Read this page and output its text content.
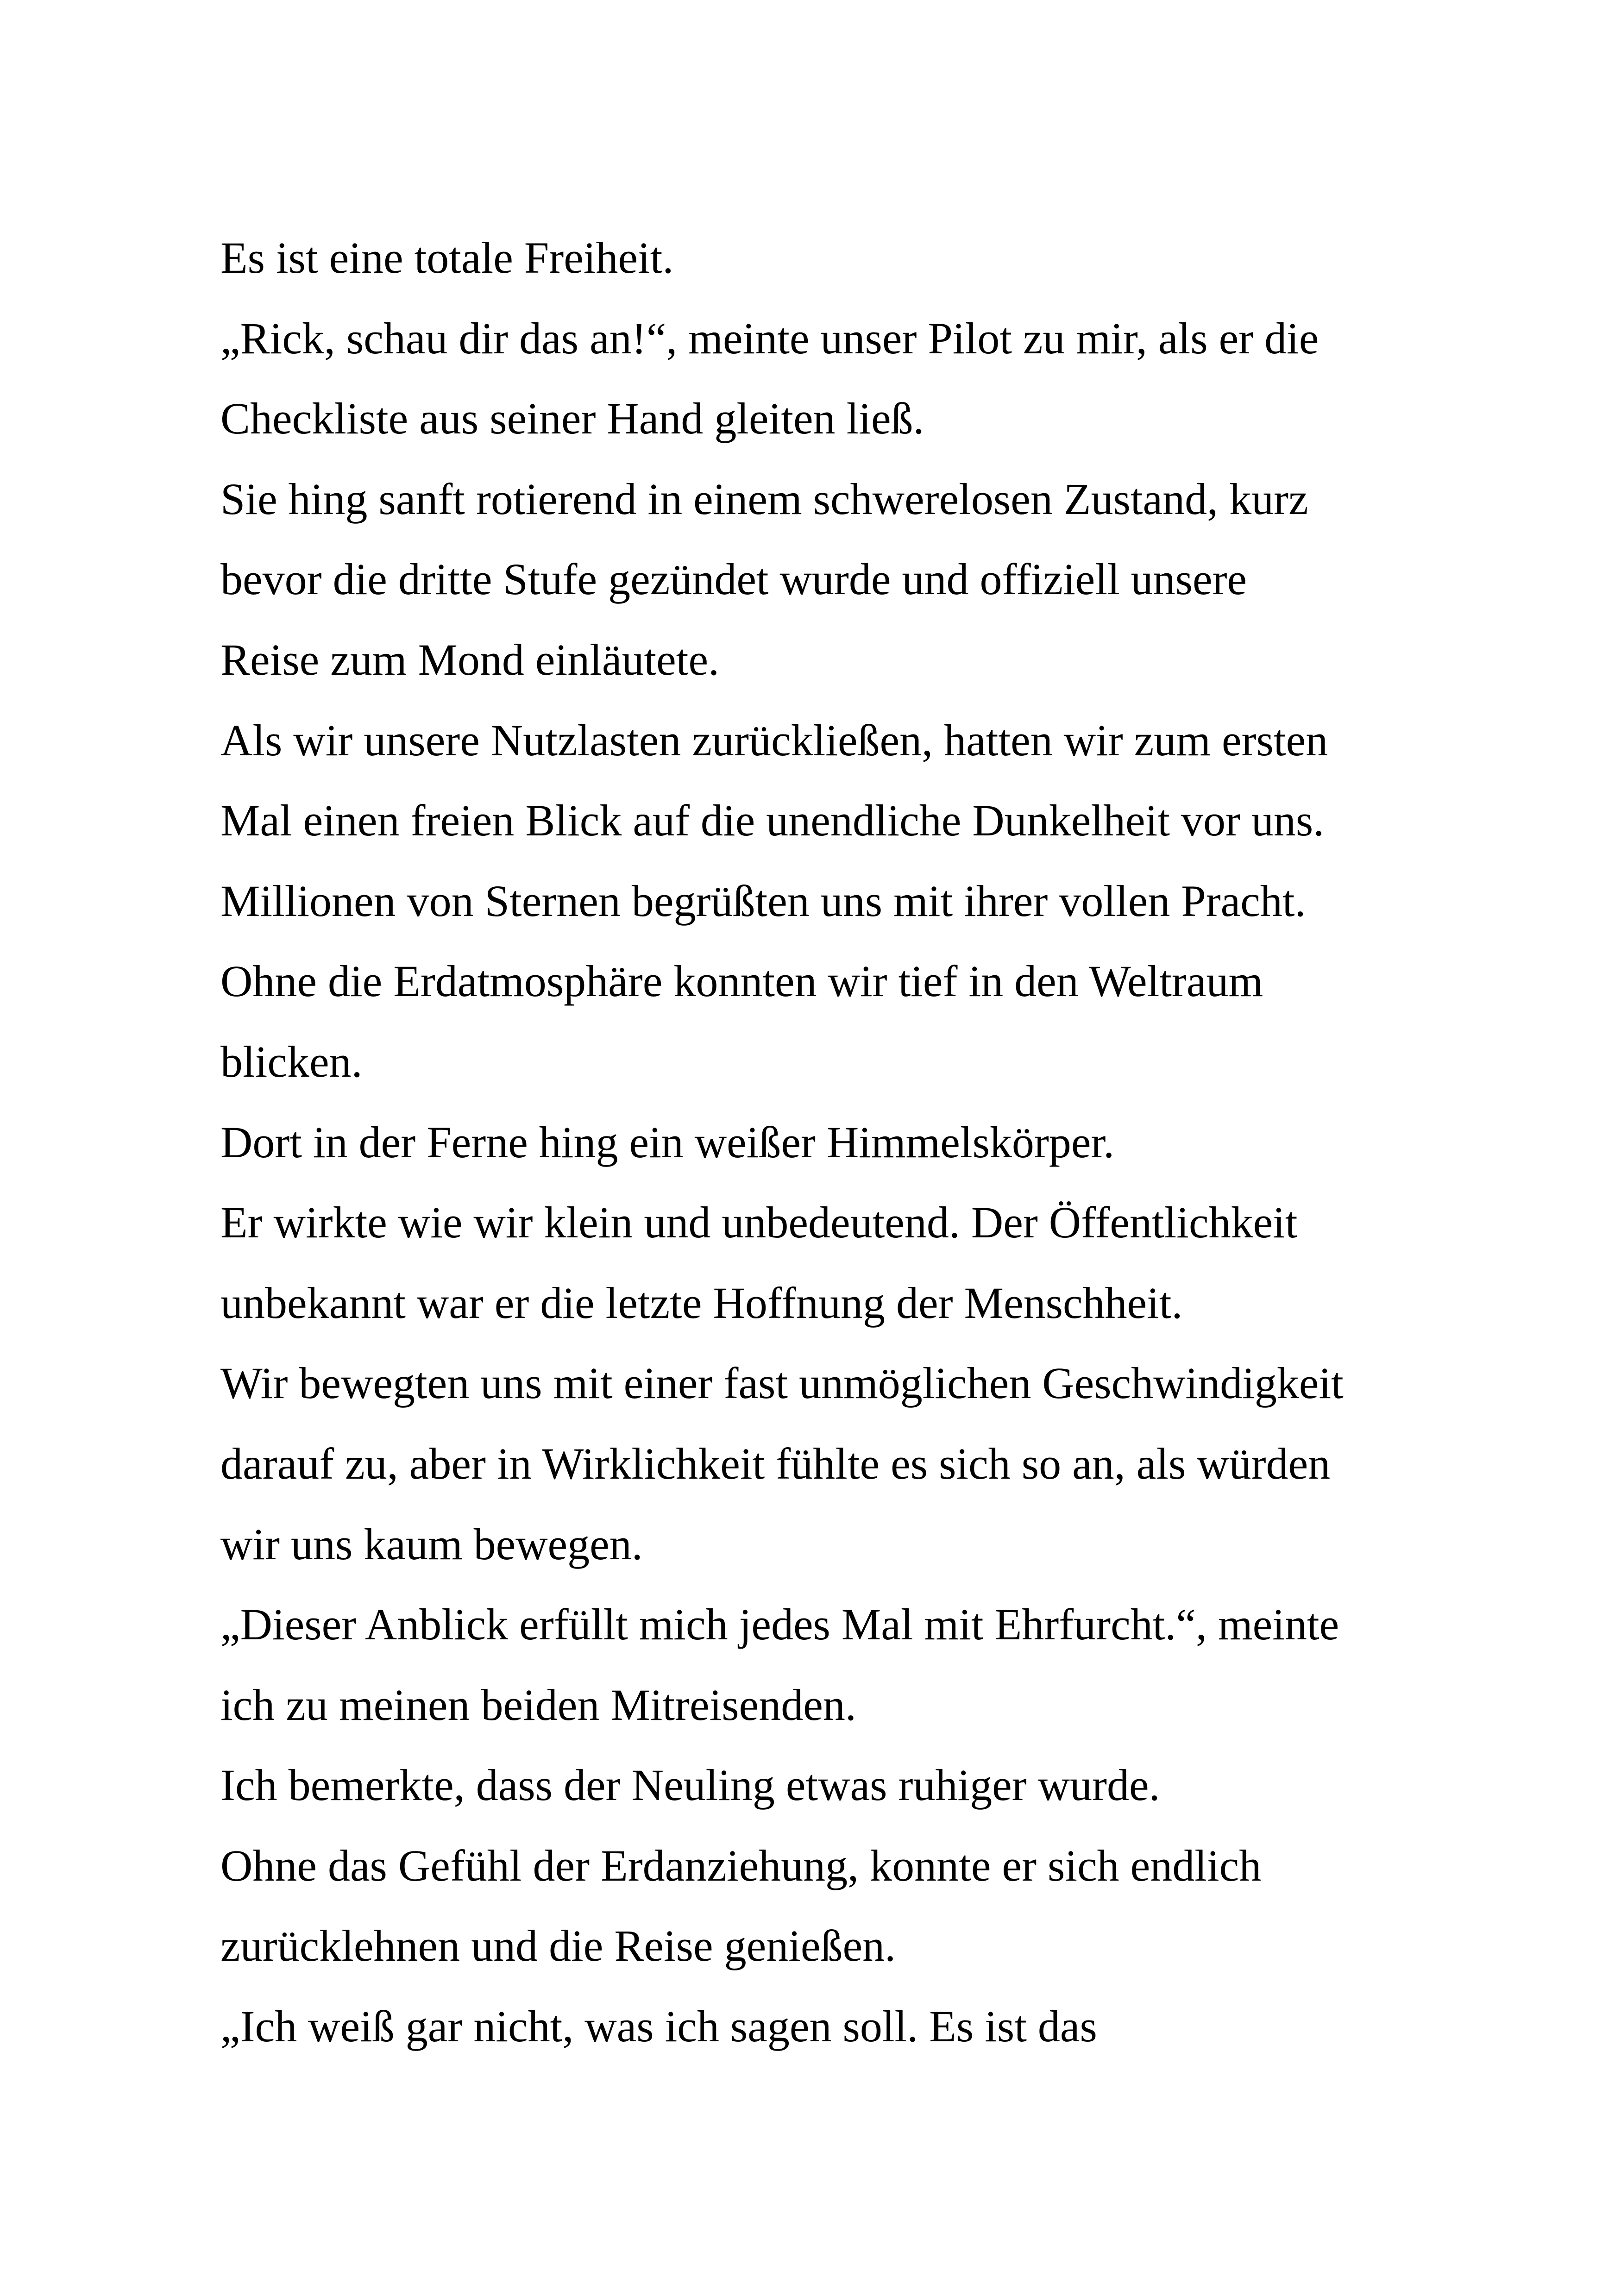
Es ist eine totale Freiheit.
„Rick, schau dir das an!“, meinte unser Pilot zu mir, als er die
Checkliste aus seiner Hand gleiten ließ.
Sie hing sanft rotierend in einem schwerelosen Zustand, kurz
bevor die dritte Stufe gezündet wurde und offiziell unsere
Reise zum Mond einläutete.
Als wir unsere Nutzlasten zurückließen, hatten wir zum ersten
Mal einen freien Blick auf die unendliche Dunkelheit vor uns.
Millionen von Sternen begrüßten uns mit ihrer vollen Pracht.
Ohne die Erdatmosphäre konnten wir tief in den Weltraum
blicken.
Dort in der Ferne hing ein weißer Himmelskörper.
Er wirkte wie wir klein und unbedeutend. Der Öffentlichkeit
unbekannt war er die letzte Hoffnung der Menschheit.
Wir bewegten uns mit einer fast unmöglichen Geschwindigkeit
darauf zu, aber in Wirklichkeit fühlte es sich so an, als würden
wir uns kaum bewegen.
„Dieser Anblick erfüllt mich jedes Mal mit Ehrfurcht.“, meinte
ich zu meinen beiden Mitreisenden.
Ich bemerkte, dass der Neuling etwas ruhiger wurde.
Ohne das Gefühl der Erdanziehung, konnte er sich endlich
zurücklehnen und die Reise genießen.
„Ich weiß gar nicht, was ich sagen soll. Es ist das
